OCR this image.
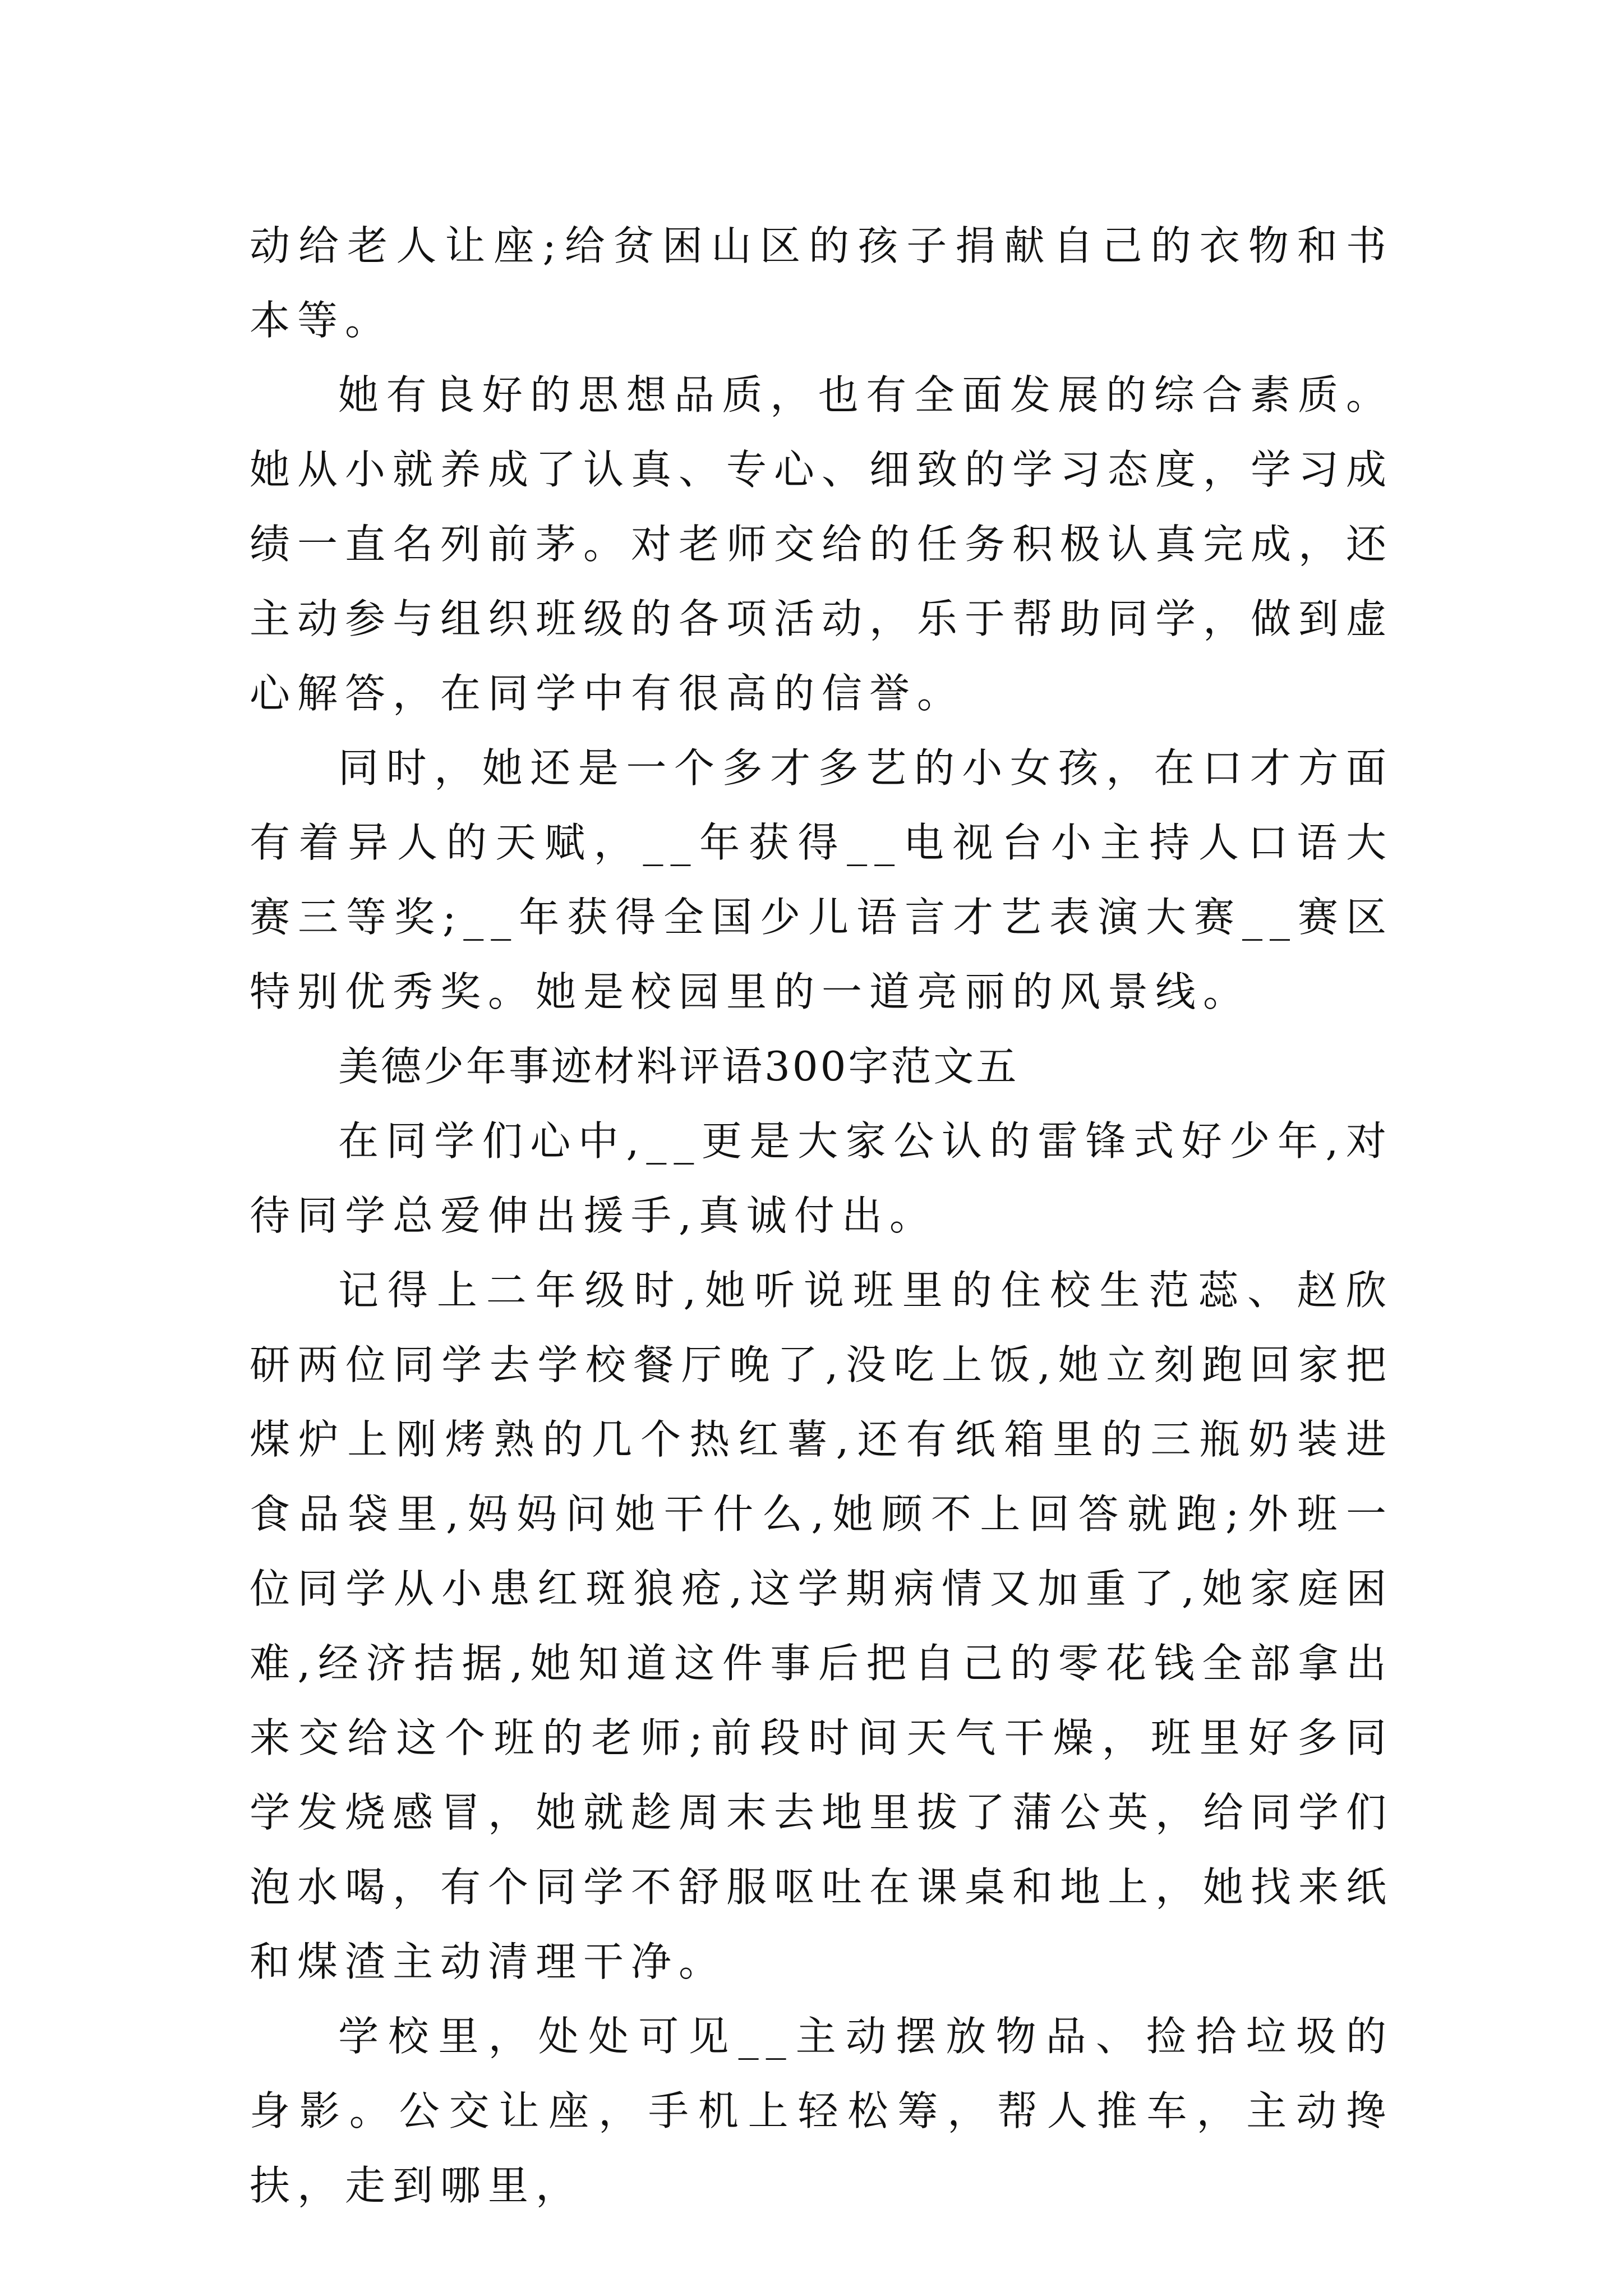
动给老人让座;给贫困山区的孩子捐献自己的衣物和书本等。

她有良好的思想品质，也有全面发展的综合素质。她从小就养成了认真、专心、细致的学习态度，学习成绩一直名列前茅。对老师交给的任务积极认真完成，还主动参与组织班级的各项活动，乐于帮助同学，做到虚心解答，在同学中有很高的信誉。

同时，她还是一个多才多艺的小女孩，在口才方面有着异人的天赋，__年获得__电视台小主持人口语大赛三等奖;__年获得全国少儿语言才艺表演大赛__赛区特别优秀奖。她是校园里的一道亮丽的风景线。

美德少年事迹材料评语300字范文五

在同学们心中,__更是大家公认的雷锋式好少年,对待同学总爱伸出援手,真诚付出。

记得上二年级时,她听说班里的住校生范蕊、赵欣研两位同学去学校餐厅晚了,没吃上饭,她立刻跑回家把煤炉上刚烤熟的几个热红薯,还有纸箱里的三瓶奶装进食品袋里,妈妈问她干什么,她顾不上回答就跑;外班一位同学从小患红斑狼疮,这学期病情又加重了,她家庭困难,经济拮据,她知道这件事后把自己的零花钱全部拿出来交给这个班的老师;前段时间天气干燥，班里好多同学发烧感冒，她就趁周末去地里拔了蒲公英，给同学们泡水喝，有个同学不舒服呕吐在课桌和地上，她找来纸和煤渣主动清理干净。

学校里，处处可见__主动摆放物品、捡拾垃圾的身影。公交让座，手机上轻松筹，帮人推车，主动搀扶，走到哪里，
